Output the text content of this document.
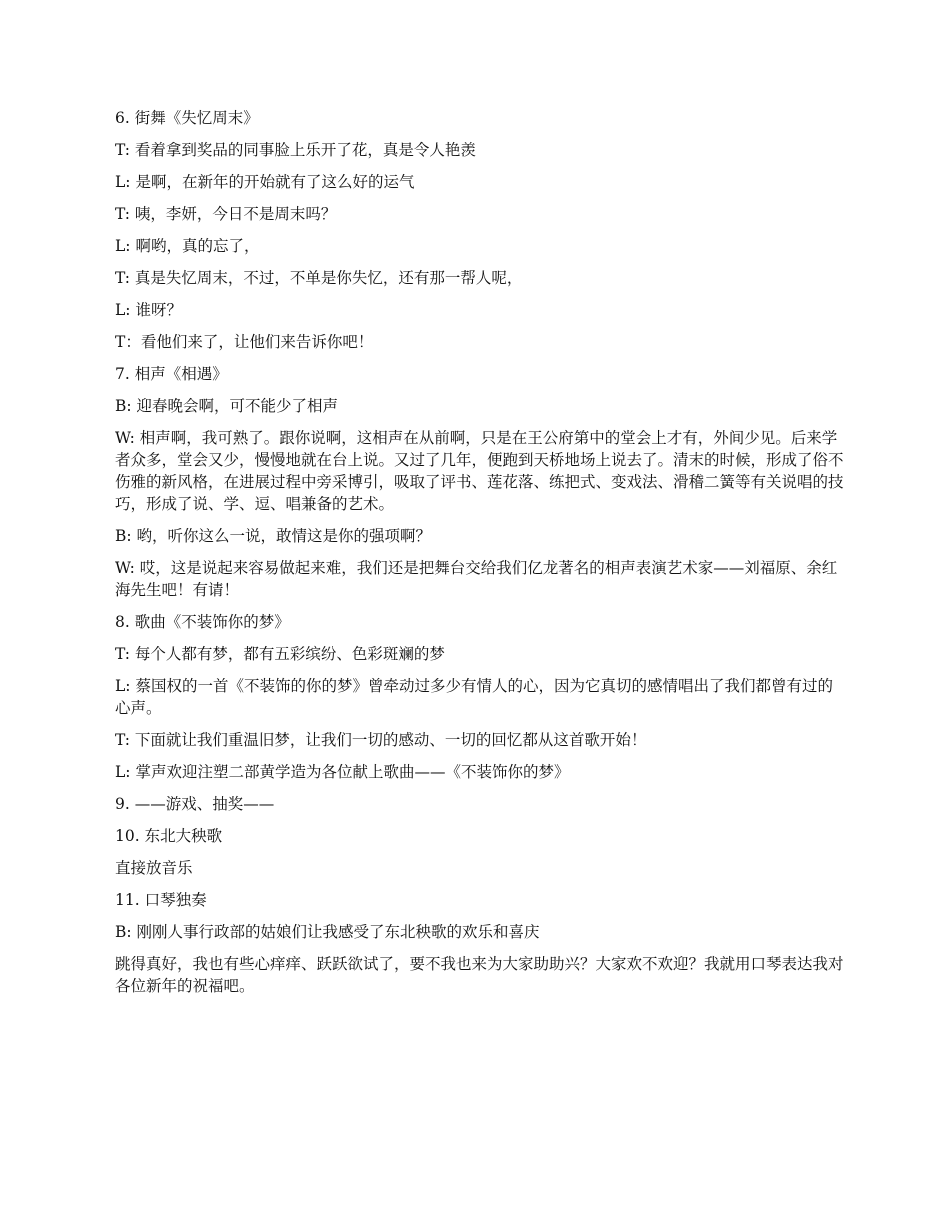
6. 街舞《失忆周末》

T: 看着拿到奖品的同事脸上乐开了花，真是令人艳羡

L: 是啊，在新年的开始就有了这么好的运气

T: 咦，李妍，今日不是周末吗？

L: 啊哟，真的忘了，

T: 真是失忆周末，不过，不单是你失忆，还有那一帮人呢，

L: 谁呀？

T：看他们来了，让他们来告诉你吧！

7. 相声《相遇》

B: 迎春晚会啊，可不能少了相声

W: 相声啊，我可熟了。跟你说啊，这相声在从前啊，只是在王公府第中的堂会上才有，外间少见。后来学者众多，堂会又少，慢慢地就在台上说。又过了几年，便跑到天桥地场上说去了。清末的时候，形成了俗不伤雅的新风格，在进展过程中旁采博引，吸取了评书、莲花落、练把式、变戏法、滑稽二簧等有关说唱的技巧，形成了说、学、逗、唱兼备的艺术。

B: 哟，听你这么一说，敢情这是你的强项啊？

W: 哎，这是说起来容易做起来难，我们还是把舞台交给我们亿龙著名的相声表演艺术家——刘福原、余红海先生吧！有请！

8. 歌曲《不装饰你的梦》

T: 每个人都有梦，都有五彩缤纷、色彩斑斓的梦

L: 蔡国权的一首《不装饰的你的梦》曾牵动过多少有情人的心，因为它真切的感情唱出了我们都曾有过的心声。

T: 下面就让我们重温旧梦，让我们一切的感动、一切的回忆都从这首歌开始！

L: 掌声欢迎注塑二部黄学造为各位献上歌曲——《不装饰你的梦》

9. ——游戏、抽奖——

10. 东北大秧歌

直接放音乐

11. 口琴独奏

B: 刚刚人事行政部的姑娘们让我感受了东北秧歌的欢乐和喜庆

跳得真好，我也有些心痒痒、跃跃欲试了，要不我也来为大家助助兴？大家欢不欢迎？我就用口琴表达我对各位新年的祝福吧。
